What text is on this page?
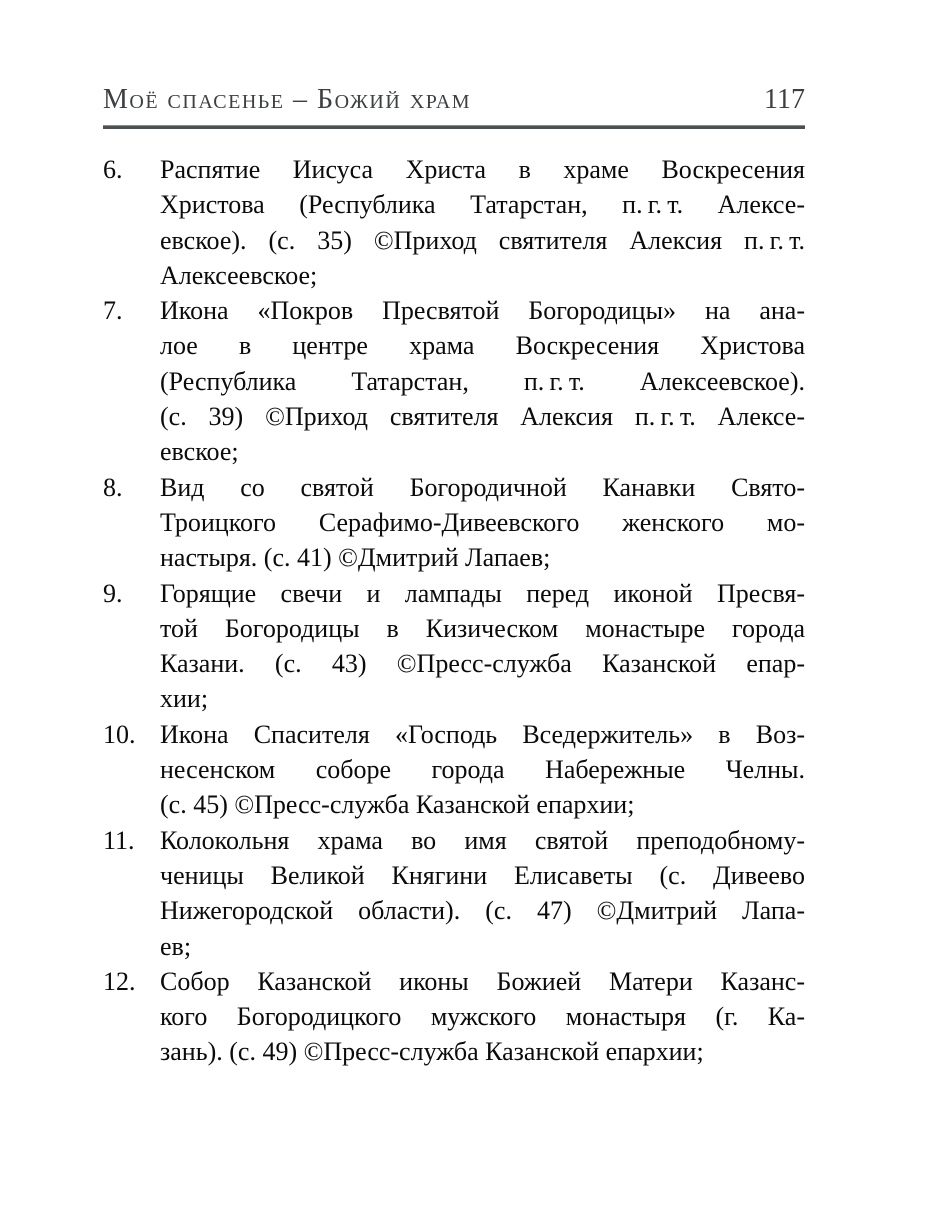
Моё спасенье – Божий храм	117
6.	Распятие Иисуса Христа в храме Воскресения
Христова (Республика Татарстан, п. г. т. Алексе-
евское). (с. 35) ©Приход святителя Алексия п. г. т.
Алексеевское;
7.	Икона «Покров Пресвятой Богородицы» на ана-
лое в центре храма Воскресения Христова
(Республика Татарстан, п. г. т. Алексеевское).
(с. 39) ©Приход святителя Алексия п. г. т. Алексе-
евское;
8.	Вид со святой Богородичной Канавки Свято-
Троицкого Серафимо-Дивеевского женского мо-
настыря. (с. 41) ©Дмитрий Лапаев;
9.	Горящие свечи и лампады перед иконой Пресвя-
той Богородицы в Кизическом монастыре города
Казани. (с. 43) ©Пресс-служба Казанской епар-
хии;
10. Икона Спасителя «Господь Вседержитель» в Воз-
несенском соборе города Набережные Челны.
(с. 45) ©Пресс-служба Казанской епархии;
11. Колокольня храма во имя святой преподобному-
ченицы Великой Княгини Елисаветы (с. Дивеево
Нижегородской области). (с. 47) ©Дмитрий Лапа-
ев;
12. Собор Казанской иконы Божией Матери Казанс-
кого Богородицкого мужского монастыря (г. Ка-
зань). (с. 49) ©Пресс-служба Казанской епархии;
